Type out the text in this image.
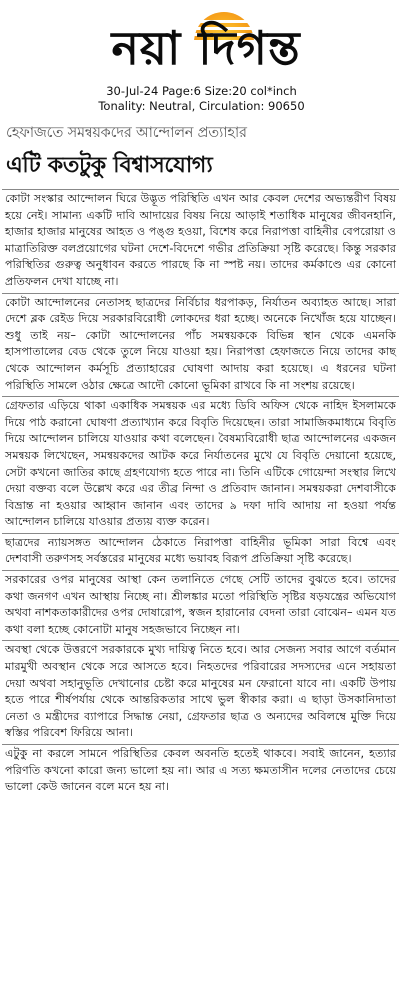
নয়া দিগন্ত
30-Jul-24 Page:6 Size:20 col*inch
Tonality: Neutral, Circulation: 90650
হেফাজতে সমন্বয়কদের আন্দোলন প্রত্যাহার
এটি কতটুকু বিশ্বাসযোগ্য

কোটা সংস্কার আন্দোলন ঘিরে উদ্ভূত পরিস্থিতি এখন আর কেবল দেশের অভ্যন্তরীণ বিষয় হয়ে নেই। সামান্য একটি দাবি আদায়ের বিষয় নিয়ে আড়াই শতাধিক মানুষের জীবনহানি, হাজার হাজার মানুষের আহত ও পঙ্গু হওয়া, বিশেষ করে নিরাপত্তা বাহিনীর বেপরোয়া ও মাত্রাতিরিক্ত বলপ্রয়োগের ঘটনা দেশে-বিদেশে গভীর প্রতিক্রিয়া সৃষ্টি করেছে। কিন্তু সরকার পরিস্থিতির গুরুত্ব অনুধাবন করতে পারছে কি না স্পষ্ট নয়। তাদের কর্মকাণ্ডে এর কোনো প্রতিফলন দেখা যাচ্ছে না।

কোটা আন্দোলনের নেতাসহ ছাত্রদের নির্বিচার ধরপাকড়, নির্যাতন অব্যাহত আছে। সারা দেশে ব্লক রেইড দিয়ে সরকারবিরোধী লোকদের ধরা হচ্ছে। অনেকে নিখোঁজ হয়ে যাচ্ছেন। শুধু তাই নয়– কোটা আন্দোলনের পাঁচ সমন্বয়ককে বিভিন্ন স্থান থেকে এমনকি হাসপাতালের বেড থেকে তুলে নিয়ে যাওয়া হয়। নিরাপত্তা হেফাজতে নিয়ে তাদের কাছ থেকে আন্দোলন কর্মসূচি প্রত্যাহারের ঘোষণা আদায় করা হয়েছে। এ ধরনের ঘটনা পরিস্থিতি সামলে ওঠার ক্ষেত্রে আদৌ কোনো ভূমিকা রাখবে কি না সংশয় রয়েছে।

গ্রেফতার এড়িয়ে থাকা একাধিক সমন্বয়ক এর মধ্যে ডিবি অফিস থেকে নাহিদ ইসলামকে দিয়ে পাঠ করানো ঘোষণা প্রত্যাখ্যান করে বিবৃতি দিয়েছেন। তারা সামাজিকমাধ্যমে বিবৃতি দিয়ে আন্দোলন চালিয়ে যাওয়ার কথা বলেছেন। বৈষম্যবিরোধী ছাত্র আন্দোলনের একজন সমন্বয়ক লিখেছেন, সমন্বয়কদের আটক করে নির্যাতনের মুখে যে বিবৃতি দেয়ানো হয়েছে, সেটা কখনো জাতির কাছে গ্রহণযোগ্য হতে পারে না। তিনি এটিকে গোয়েন্দা সংস্থার লিখে দেয়া বক্তব্য বলে উল্লেখ করে এর তীব্র নিন্দা ও প্রতিবাদ জানান। সমন্বয়করা দেশবাসীকে বিভ্রান্ত না হওয়ার আহ্বান জানান এবং তাদের ৯ দফা দাবি আদায় না হওয়া পর্যন্ত আন্দোলন চালিয়ে যাওয়ার প্রত্যয় ব্যক্ত করেন।

ছাত্রদের ন্যায়সঙ্গত আন্দোলন ঠেকাতে নিরাপত্তা বাহিনীর ভূমিকা সারা বিশ্বে এবং দেশবাসী তরুণসহ সর্বস্তরের মানুষের মধ্যে ভয়াবহ বিরূপ প্রতিক্রিয়া সৃষ্টি করেছে।

সরকারের ওপর মানুষের আস্থা কেন তলানিতে গেছে সেটি তাদের বুঝতে হবে। তাদের কথা জনগণ এখন আস্থায় নিচ্ছে না। শ্রীলঙ্কার মতো পরিস্থিতি সৃষ্টির ষড়যন্ত্রের অভিযোগ অথবা নাশকতাকারীদের ওপর দোষারোপ, স্বজন হারানোর বেদনা তারা বোঝেন– এমন যত কথা বলা হচ্ছে কোনোটা মানুষ সহজভাবে নিচ্ছেন না।

অবস্থা থেকে উত্তরণে সরকারকে মুখ্য দায়িত্ব নিতে হবে। আর সেজন্য সবার আগে বর্তমান মারমুখী অবস্থান থেকে সরে আসতে হবে। নিহতদের পরিবারের সদস্যদের এনে সহায়তা দেয়া অথবা সহানুভূতি দেখানোর চেষ্টা করে মানুষের মন ফেরানো যাবে না। একটি উপায় হতে পারে শীর্ষপর্যায় থেকে আন্তরিকতার সাথে ভুল স্বীকার করা। এ ছাড়া উসকানিদাতা নেতা ও মন্ত্রীদের ব্যাপারে সিদ্ধান্ত নেয়া, গ্রেফতার ছাত্র ও অন্যদের অবিলম্বে মুক্তি দিয়ে স্বস্তির পরিবেশ ফিরিয়ে আনা।

এটুকু না করলে সামনে পরিস্থিতির কেবল অবনতি হতেই থাকবে। সবাই জানেন, হত্যার পরিণতি কখনো কারো জন্য ভালো হয় না। আর এ সত্য ক্ষমতাসীন দলের নেতাদের চেয়ে ভালো কেউ জানেন বলে মনে হয় না।
